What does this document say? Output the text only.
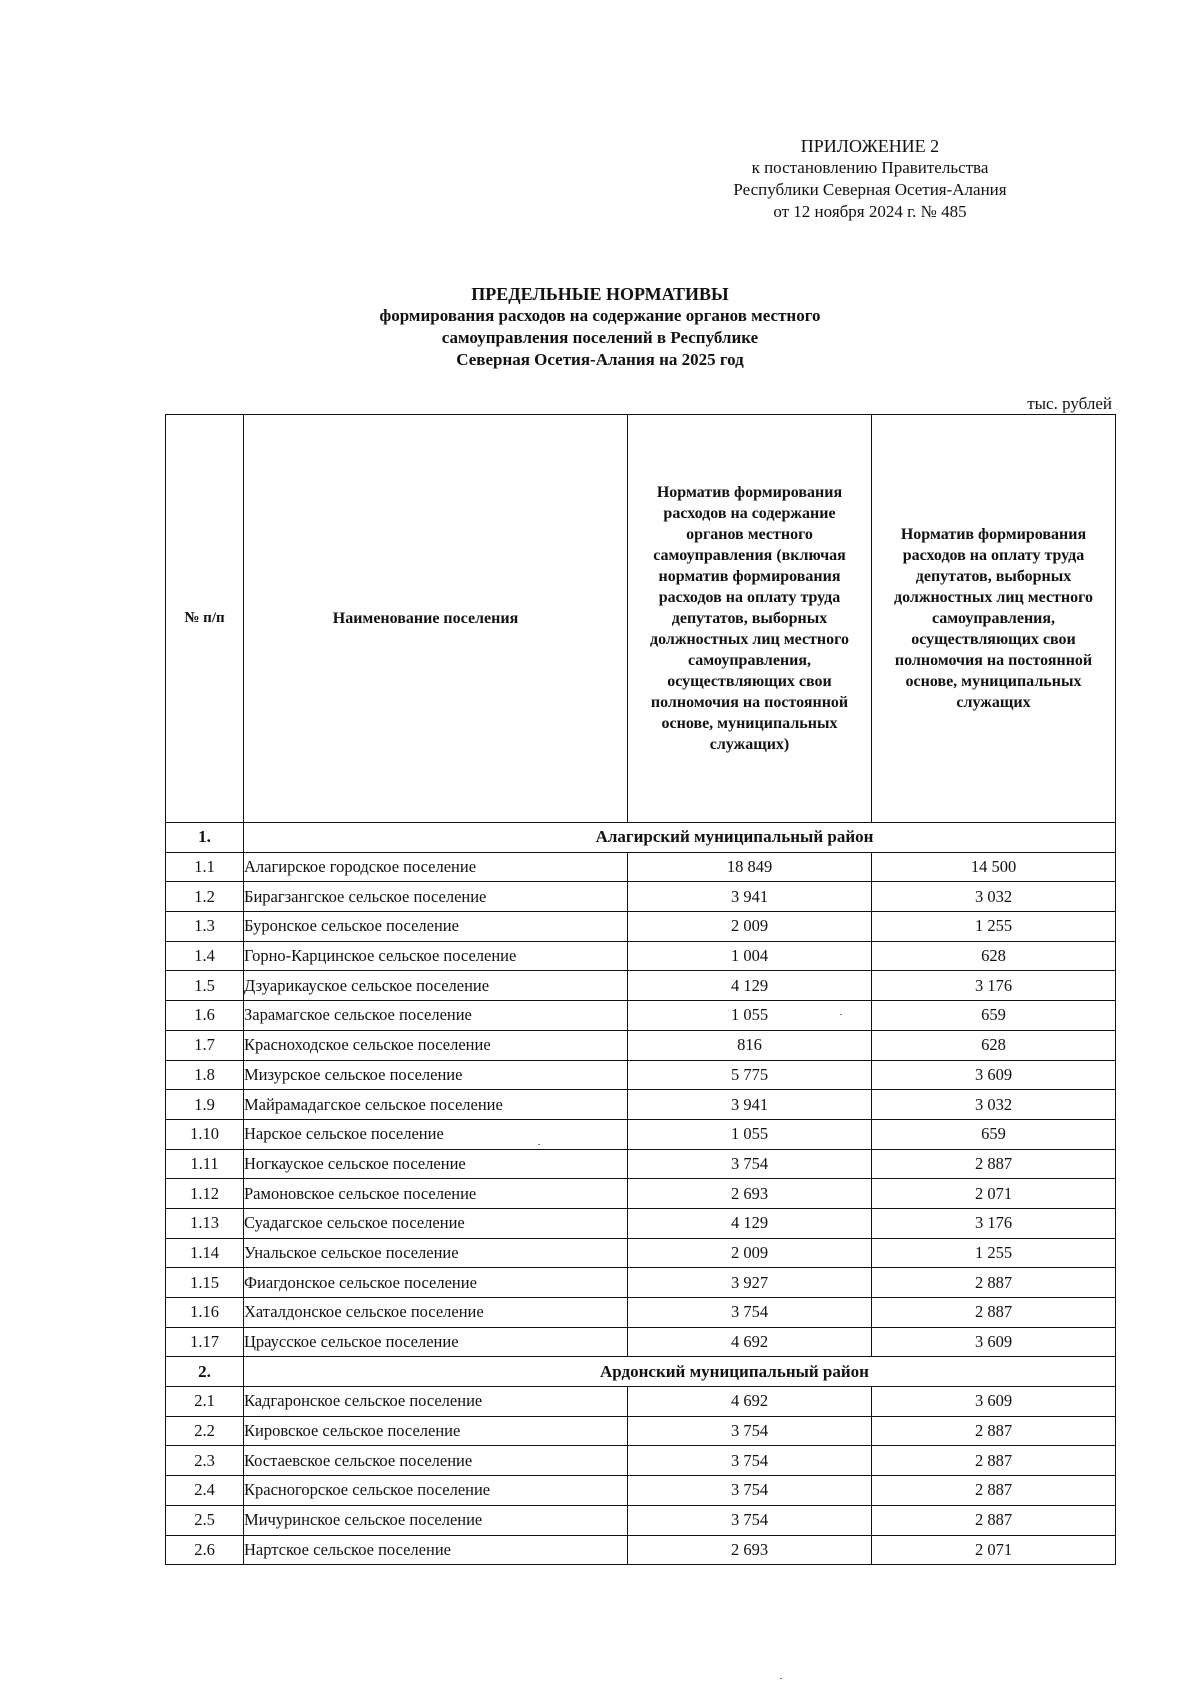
ПРИЛОЖЕНИЕ 2
к постановлению Правительства
Республики Северная Осетия-Алания
от 12 ноября 2024 г. № 485
ПРЕДЕЛЬНЫЕ НОРМАТИВЫ
формирования расходов на содержание органов местного
самоуправления поселений в Республике
Северная Осетия-Алания на 2025 год
тыс. рублей
№ п/п	Наименование поселения	Норматив формирования расходов на содержание органов местного самоуправления (включая норматив формирования расходов на оплату труда депутатов, выборных должностных лиц местного самоуправления, осуществляющих свои полномочия на постоянной основе, муниципальных служащих)	Норматив формирования расходов на оплату труда депутатов, выборных должностных лиц местного самоуправления, осуществляющих свои полномочия на постоянной основе, муниципальных служащих

1.	Алагирский муниципальный район		
1.1	Алагирское городское поселение	18 849	14 500
1.2	Бирагзангское сельское поселение	3 941	3 032
1.3	Буронское сельское поселение	2 009	1 255
1.4	Горно-Карцинское сельское поселение	1 004	628
1.5	Дзуарикауское сельское поселение	4 129	3 176
1.6	Зарамагское сельское поселение	1 055	659
1.7	Красноходское сельское поселение	816	628
1.8	Мизурское сельское поселение	5 775	3 609
1.9	Майрамадагское сельское поселение	3 941	3 032
1.10	Нарское сельское поселение	1 055	659
1.11	Ногкауское сельское поселение	3 754	2 887
1.12	Рамоновское сельское поселение	2 693	2 071
1.13	Суадагское сельское поселение	4 129	3 176
1.14	Унальское сельское поселение	2 009	1 255
1.15	Фиагдонское сельское поселение	3 927	2 887
1.16	Хаталдонское сельское поселение	3 754	2 887
1.17	Цраусское сельское поселение	4 692	3 609
2.	Ардонский муниципальный район		
2.1	Кадгаронское сельское поселение	4 692	3 609
2.2	Кировское сельское поселение	3 754	2 887
2.3	Костаевское сельское поселение	3 754	2 887
2.4	Красногорское сельское поселение	3 754	2 887
2.5	Мичуринское сельское поселение	3 754	2 887
2.6	Нартское сельское поселение	2 693	2 071
